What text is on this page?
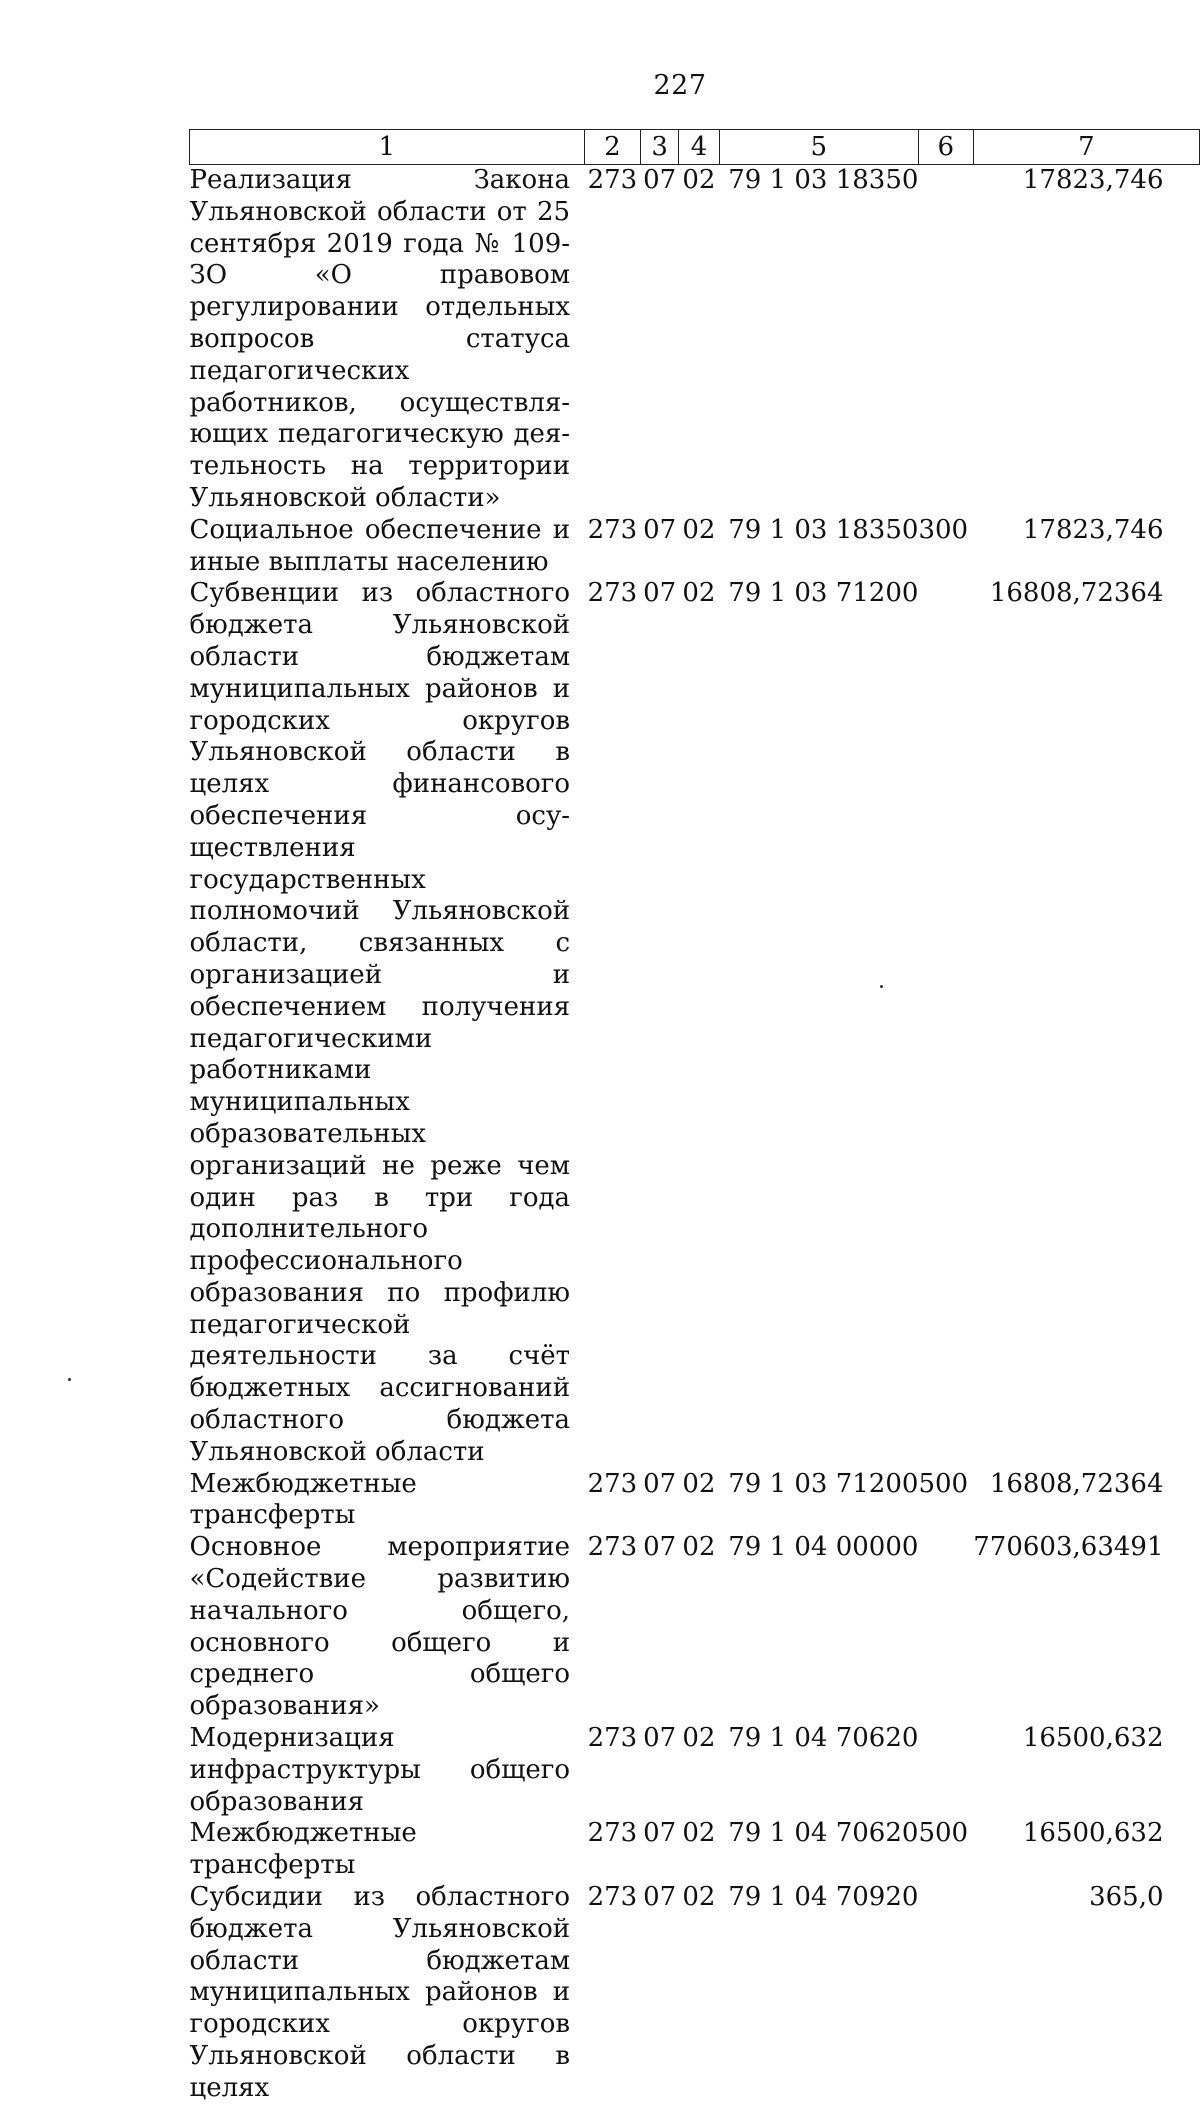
227
1	2	3	4	5	6	7
Реализация Закона Ульяновской области от 25 сентября 2019 года № 109-ЗО «О правовом регулировании отдельных вопросов статуса педагогических работников, осуществляющих педагогическую деятельность на территории Ульяновской области»	273	07	02	79 1 03 18350		17823,746
Социальное обеспечение и иные выплаты населению	273	07	02	79 1 03 18350	300	17823,746
Субвенции из областного бюджета Ульяновской области бюджетам муниципальных районов и городских округов Ульяновской области в целях финансового обеспечения осуществления государственных полномочий Ульяновской области, связанных с организацией и обеспечением получения педагогическими работниками муниципальных образовательных организаций не реже чем один раз в три года дополнительного профессионального образования по профилю педагогической деятельности за счёт бюджетных ассигнований областного бюджета Ульяновской области	273	07	02	79 1 03 71200		16808,72364
Межбюджетные трансферты	273	07	02	79 1 03 71200	500	16808,72364
Основное мероприятие «Содействие развитию начального общего, основного общего и среднего общего образования»	273	07	02	79 1 04 00000		770603,63491
Модернизация инфраструктуры общего образования	273	07	02	79 1 04 70620		16500,632
Межбюджетные трансферты	273	07	02	79 1 04 70620	500	16500,632
Субсидии из областного бюджета Ульяновской области бюджетам муниципальных районов и городских округов Ульяновской области в целях	273	07	02	79 1 04 70920		365,0
